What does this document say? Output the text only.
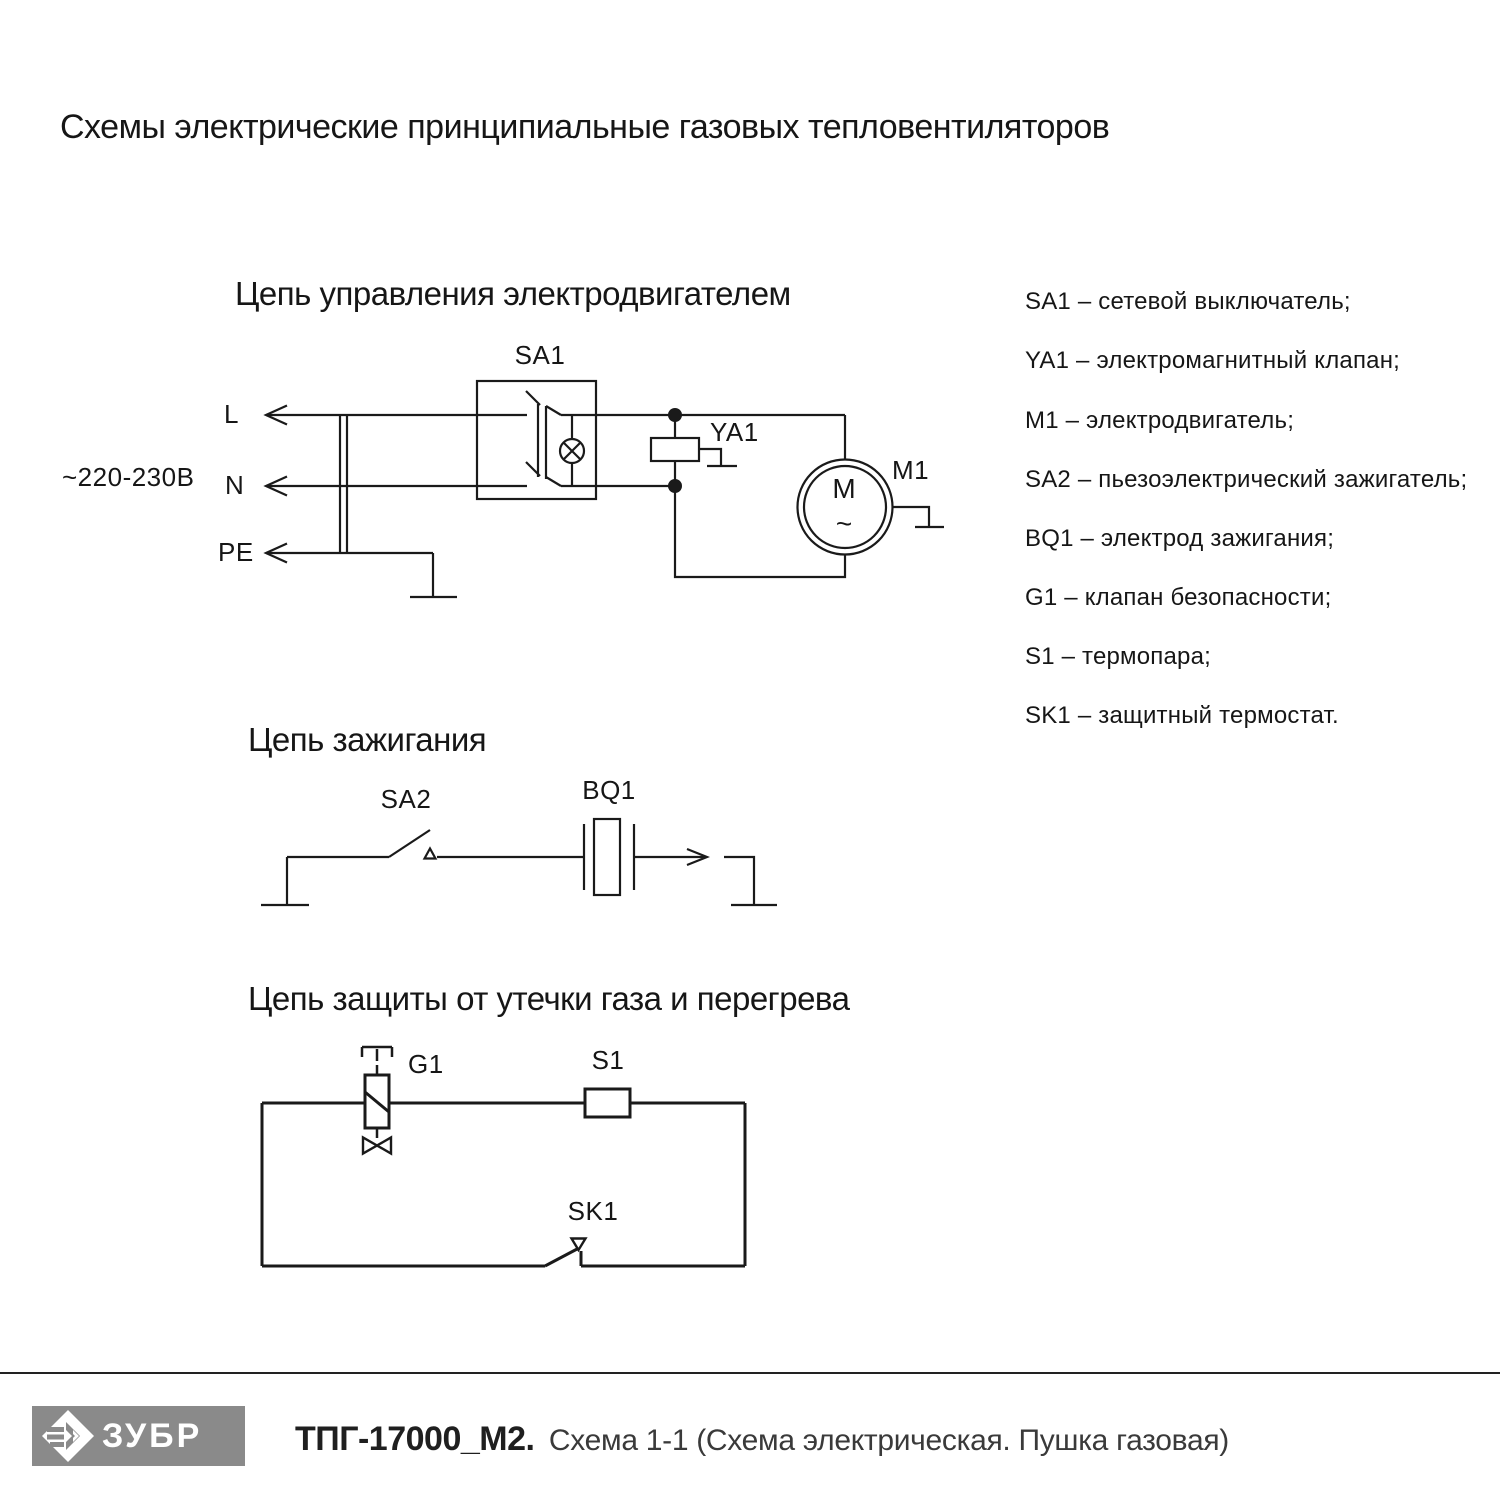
Схемы электрические принципиальные газовых тепловентиляторов
Цепь управления электродвигателем
~220-230В
L
N
PE
SA1
YA1
M1
M
~
Цепь зажигания
SA2	BQ1
Цепь защиты от утечки газа и перегрева
G1	S1
SK1
SA1 – сетевой выключатель;
YA1 – электромагнитный клапан;
M1 – электродвигатель;
SA2 – пьезоэлектрический зажигатель;
BQ1 – электрод зажигания;
G1 – клапан безопасности;
S1 – термопара;
SK1 – защитный термостат.
ЗУБР	ТПГ-17000_М2. Схема 1-1 (Схема электрическая. Пушка газовая)
